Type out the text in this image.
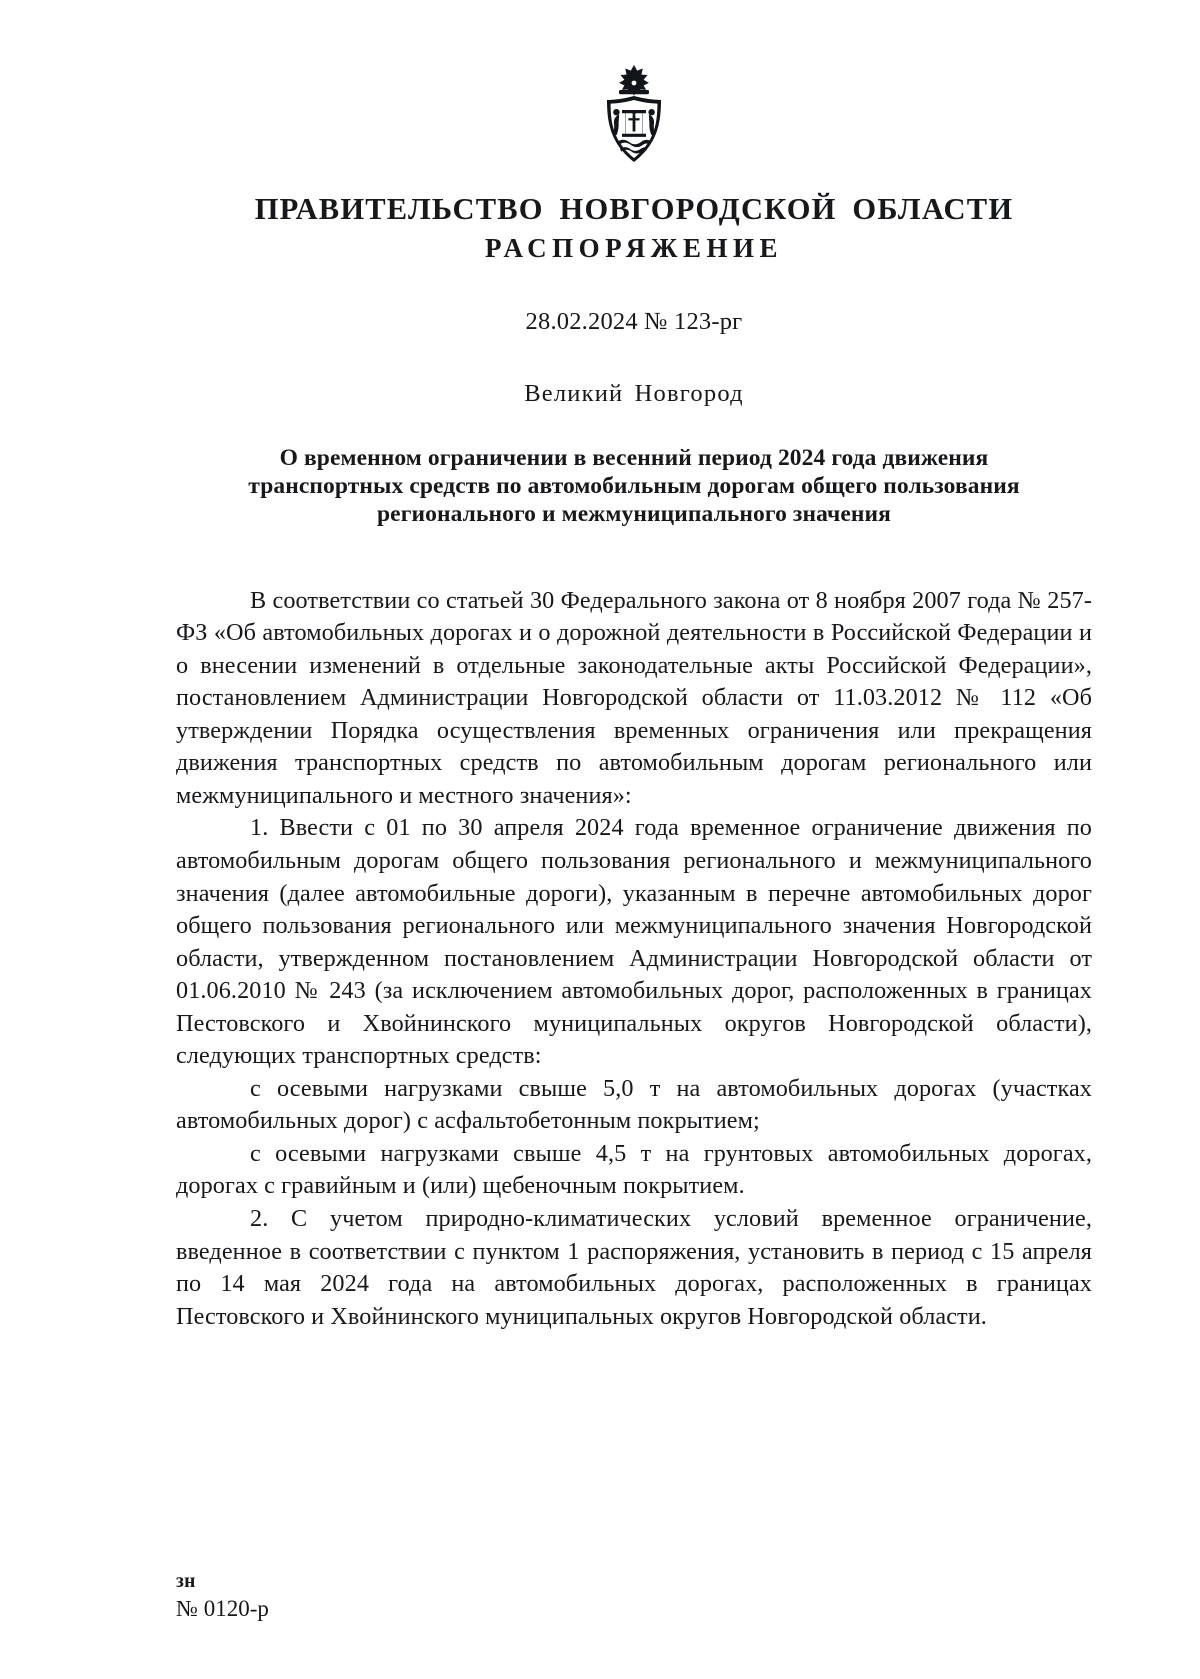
ПРАВИТЕЛЬСТВО НОВГОРОДСКОЙ ОБЛАСТИ
РАСПОРЯЖЕНИЕ
28.02.2024 № 123-рг
Великий Новгород
О временном ограничении в весенний период 2024 года движения транспортных средств по автомобильным дорогам общего пользования регионального и межмуниципального значения

В соответствии со статьей 30 Федерального закона от 8 ноября 2007 года № 257-ФЗ «Об автомобильных дорогах и о дорожной деятельности в Российской Федерации и о внесении изменений в отдельные законодательные акты Российской Федерации», постановлением Администрации Новгородской области от 11.03.2012 № 112 «Об утверждении Порядка осуществления временных ограничения или прекращения движения транспортных средств по автомобильным дорогам регионального или межмуниципального и местного значения»:

1. Ввести с 01 по 30 апреля 2024 года временное ограничение движения по автомобильным дорогам общего пользования регионального и межмуниципального значения (далее автомобильные дороги), указанным в перечне автомобильных дорог общего пользования регионального или межмуниципального значения Новгородской области, утвержденном постановлением Администрации Новгородской области от 01.06.2010 № 243 (за исключением автомобильных дорог, расположенных в границах Пестовского и Хвойнинского муниципальных округов Новгородской области), следующих транспортных средств:

с осевыми нагрузками свыше 5,0 т на автомобильных дорогах (участках автомобильных дорог) с асфальтобетонным покрытием;

с осевыми нагрузками свыше 4,5 т на грунтовых автомобильных дорогах, дорогах с гравийным и (или) щебеночным покрытием.

2. С учетом природно-климатических условий временное ограничение, введенное в соответствии с пунктом 1 распоряжения, установить в период с 15 апреля по 14 мая 2024 года на автомобильных дорогах, расположенных в границах Пестовского и Хвойнинского муниципальных округов Новгородской области.

зн
№ 0120-р
